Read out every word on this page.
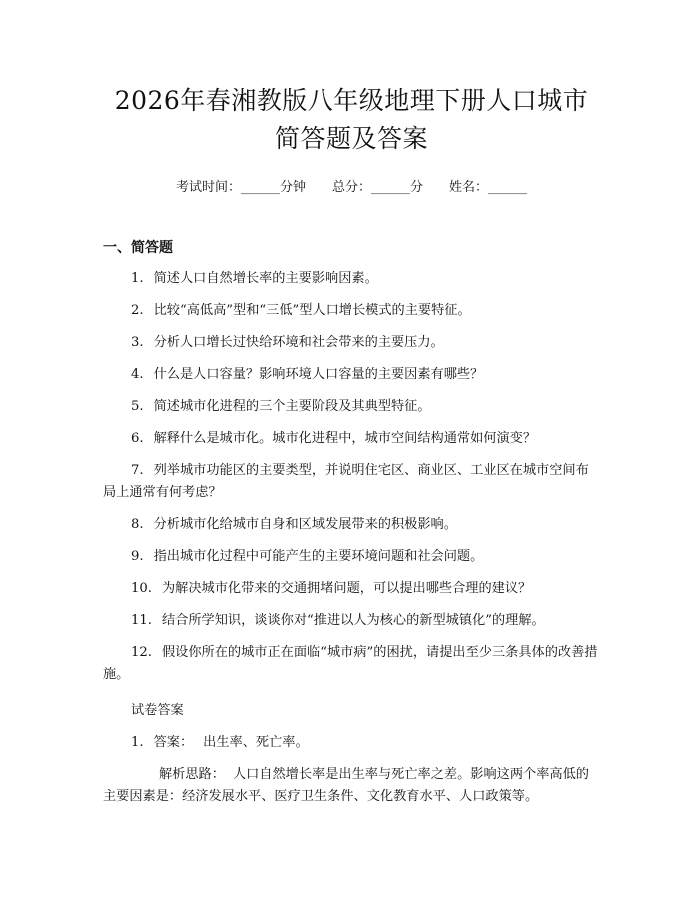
2026年春湘教版八年级地理下册人口城市简答题及答案
考试时间：______分钟 总分：______分 姓名：______
一、简答题

1. 简述人口自然增长率的主要影响因素。

2. 比较“高低高”型和“三低”型人口增长模式的主要特征。

3. 分析人口增长过快给环境和社会带来的主要压力。

4. 什么是人口容量？影响环境人口容量的主要因素有哪些？

5. 简述城市化进程的三个主要阶段及其典型特征。

6. 解释什么是城市化。城市化进程中，城市空间结构通常如何演变？

7. 列举城市功能区的主要类型，并说明住宅区、商业区、工业区在城市空间布局上通常有何考虑？

8. 分析城市化给城市自身和区域发展带来的积极影响。

9. 指出城市化过程中可能产生的主要环境问题和社会问题。

10. 为解决城市化带来的交通拥堵问题，可以提出哪些合理的建议？

11. 结合所学知识，谈谈你对“推进以人为核心的新型城镇化”的理解。

12. 假设你所在的城市正在面临“城市病”的困扰，请提出至少三条具体的改善措施。

试卷答案

1. 答案： 出生率、死亡率。

解析思路： 人口自然增长率是出生率与死亡率之差。影响这两个率高低的主要因素是：经济发展水平、医疗卫生条件、文化教育水平、人口政策等。
